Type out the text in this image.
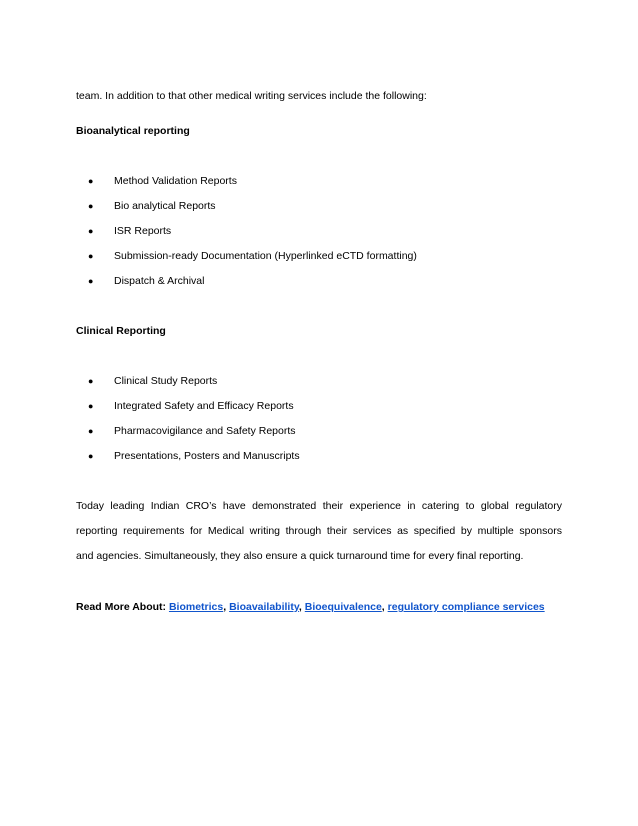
team. In addition to that other medical writing services include the following:
Bioanalytical reporting
● Method Validation Reports
● Bio analytical Reports
● ISR Reports
● Submission-ready Documentation (Hyperlinked eCTD formatting)
● Dispatch & Archival
Clinical Reporting
● Clinical Study Reports
● Integrated Safety and Efficacy Reports
● Pharmacovigilance and Safety Reports
● Presentations, Posters and Manuscripts
Today leading Indian CRO’s have demonstrated their experience in catering to global regulatory
reporting requirements for Medical writing through their services as specified by multiple sponsors
and agencies. Simultaneously, they also ensure a quick turnaround time for every final reporting.
Read More About: Biometrics, Bioavailability, Bioequivalence, regulatory compliance services
